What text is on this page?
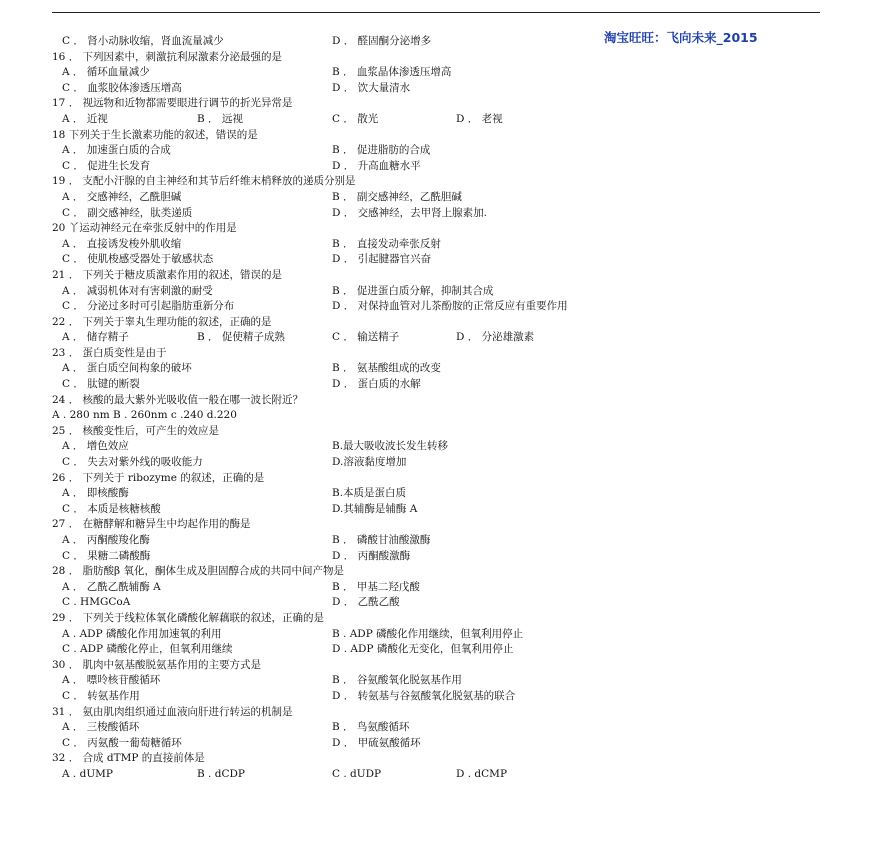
淘宝旺旺：飞向未来_2015
C ． 肾小动脉收缩，肾血流量减少	D ． 醛固酮分泌增多
16 ． 下列因素中，刺激抗利尿激素分泌最强的是
A ． 循环血量减少	B ． 血浆晶体渗透压增高
C ． 血浆胶体渗透压增高	D ． 饮大量清水
17 ． 视远物和近物都需要眼进行调节的折光异常是
A ． 近视	B ． 远视	C ． 散光	D ． 老视
18 下列关于生长激素功能的叙述，错误的是
A ． 加速蛋白质的合成	B ． 促进脂肪的合成
C ． 促进生长发育	D ． 升高血糖水平
19 ． 支配小汗腺的自主神经和其节后纤维末梢释放的递质分别是
A ． 交感神经，乙酰胆碱	B ． 副交感神经，乙酰胆碱
C ． 副交感神经，肽类递质	D ． 交感神经，去甲肾上腺素加.
20 丫运动神经元在牵张反射中的作用是
A ． 直接诱发梭外肌收缩	B ． 直接发动牵张反射
C ． 使肌梭感受器处于敏感状态	D ． 引起腱器官兴奋
21 ． 下列关于糖皮质激素作用的叙述，错误的是
A ． 减弱机体对有害刺激的耐受	B ． 促进蛋白质分解，抑制其合成
C ． 分泌过多时可引起脂肪重新分布	D ． 对保持血管对儿茶酚胺的正常反应有重要作用
22 ． 下列关于睾丸生理功能的叙述，正确的是
A ． 储存精子	B ． 促使精子成熟	C ． 输送精子	D ． 分泌雄激素
23 ． 蛋白质变性是由于
A ． 蛋白质空间构象的破坏	B ． 氨基酸组成的改变
C ． 肽键的断裂	D ． 蛋白质的水解
24 ． 核酸的最大紫外光吸收值一般在哪一波长附近？
A . 280 nm B . 260nm c .240 d.220
25 ． 核酸变性后，可产生的效应是
A ． 增色效应	B.最大吸收波长发生转移
C ． 失去对紫外线的吸收能力	D.溶液黏度增加
26 ． 下列关于 ribozyme 的叙述，正确的是
A ． 即核酸酶	B.本质是蛋白质
C ． 本质是核糖核酸	D.其辅酶是辅酶 A
27 ． 在糖酵解和糖异生中均起作用的酶是
A ． 丙酮酸羧化酶	B ． 磷酸甘油酸激酶
C ． 果糖二磷酸酶	D ． 丙酮酸激酶
28 ． 脂肪酸β 氧化，酮体生成及胆固醇合成的共同中间产物是
A ． 乙酰乙酰辅酶 A	B ． 甲基二羟戊酸
C . HMGCoA	D ． 乙酰乙酸
29 ． 下列关于线粒体氧化磷酸化解藕联的叙述，正确的是
A . ADP 磷酸化作用加速氧的利用	B . ADP 磷酸化作用继续，但氧利用停止
C . ADP 磷酸化停止，但氧利用继续	D . ADP 磷酸化无变化，但氧利用停止
30 ． 肌肉中氨基酸脱氨基作用的主要方式是
A ． 嘌呤核苷酸循环	B ． 谷氨酸氧化脱氨基作用
C ． 转氨基作用	D ． 转氨基与谷氨酸氧化脱氨基的联合
31 ． 氨由肌肉组织通过血液向肝进行转运的机制是
A ． 三梭酸循环	B ． 鸟氨酸循环
C ． 丙氨酸一葡萄糖循环	D ． 甲硫氨酸循环
32 ． 合成 dTMP 的直接前体是
A . dUMP	B . dCDP	C . dUDP	D . dCMP
